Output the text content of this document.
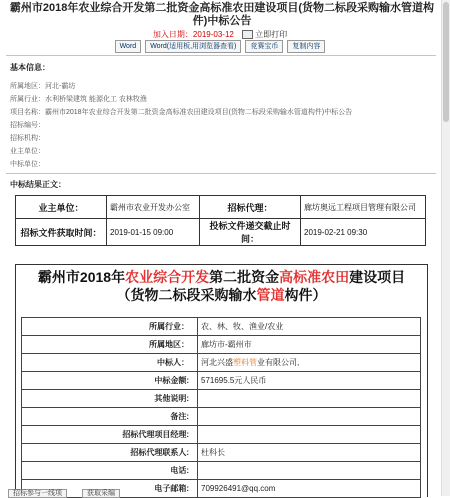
霸州市2018年农业综合开发第二批资金高标准农田建设项目(货物二标段采购输水管道构件)中标公告
加入日期：2019-03-12	立即打印
Word Word(适用板,用浏览器查看) 竞赛宝币 复制内容
基本信息：
所属地区：河北-霸坊
所属行业：水利桥梁建筑 能源化工 农林牧渔
项目名称：霸州市2018年农业综合开发第二批资金高标准农田建设项目(货物二标段采购输水管道构件)中标公告
招标编号：
招标机构：
业主单位：
中标单位：
中标结果正文：
业主单位：	霸州市农业开发办公室	招标代理：	廊坊奥远工程项目管理有限公司
招标文件获取时间：	2019-01-15 09:00	投标文件递交截止时间：	2019-02-21 09:30
霸州市2018年农业综合开发第二批资金高标准农田建设项目
（货物二标段采购输水管道构件）
所属行业：	农、林、牧、渔业/农业
所属地区：	廊坊市-霸州市
中标人：	河北兴盛塑料管业有限公司,
中标金额:	571695.5元人民币
其他说明:	
备注:	
招标代理项目经理:	
招标代理联系人:	杜科长
电话:	
电子邮箱:	709926491@qq.com
招标参与一线项	获取采编
